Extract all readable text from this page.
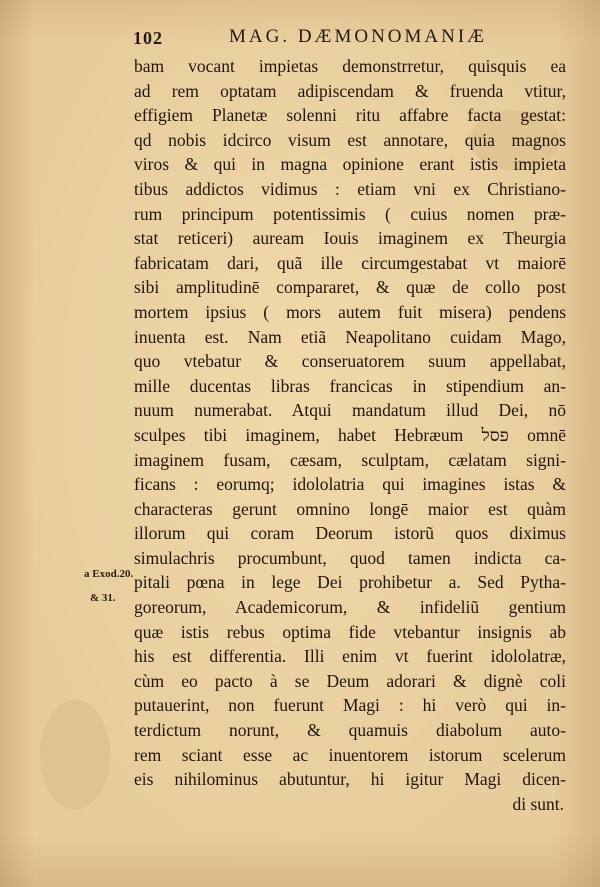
102	MAG. DÆMONOMANIÆ
bam vocant impietas demonstrretur, quisquis ea
ad rem optatam adipiscendam & fruenda vtitur,
effigiem Planetæ solenni ritu affabre facta gestat:
qd nobis idcirco visum est annotare, quia magnos
viros & qui in magna opinione erant istis impieta
tibus addictos vidimus : etiam vni ex Christiano-
rum principum potentissimis ( cuius nomen præ-
stat reticeri) auream Iouis imaginem ex Theurgia
fabricatam dari, quã ille circumgestabat vt maiorē
sibi amplitudinē compararet, & quæ de collo post
mortem ipsius ( mors autem fuit misera) pendens
inuenta est. Nam etiã Neapolitano cuidam Mago,
quo vtebatur & conseruatorem suum appellabat,
mille ducentas libras francicas in stipendium an-
nuum numerabat. Atqui mandatum illud Dei, nō
sculpes tibi imaginem, habet Hebræum פסל omnē
imaginem fusam, cæsam, sculptam, cælatam signi-
ficans : eorumq; idololatria qui imagines istas &
characteras gerunt omnino longē maior est quàm
illorum qui coram Deorum istorũ quos diximus
simulachris procumbunt, quod tamen indicta ca-
pitali pœna in lege Dei prohibetur a. Sed Pytha-
goreorum, Academicorum, & infideliũ gentium
quæ istis rebus optima fide vtebantur insignis ab
his est differentia. Illi enim vt fuerint idololatræ,
cùm eo pacto à se Deum adorari & dignè coli
putauerint, non fuerunt Magi : hi verò qui in-
terdictum norunt, & quamuis diabolum auto-
rem sciant esse ac inuentorem istorum scelerum
eis nihilominus abutuntur, hi igitur Magi dicen-
di sunt.
a Exod.20.
& 31.
